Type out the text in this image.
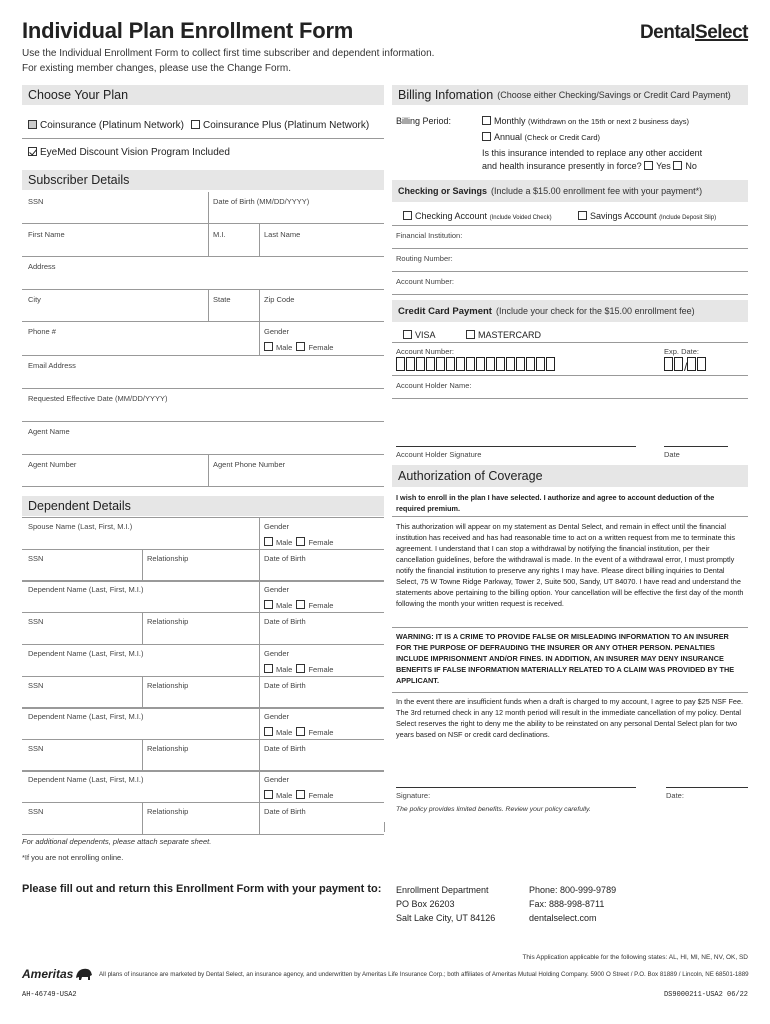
Individual Plan Enrollment Form	DentalSelect
Use the Individual Enrollment Form to collect first time subscriber and dependent information.
For existing member changes, please use the Change Form.
Choose Your Plan
Coinsurance (Platinum Network)	Coinsurance Plus (Platinum Network)
EyeMed Discount Vision Program Included
Subscriber Details
SSN	Date of Birth (MM/DD/YYYY)
First Name	M.I.	Last Name
Address
City	State	Zip Code
Phone #	Gender
Male Female
Email Address
Requested Effective Date (MM/DD/YYYY)
Agent Name
Agent Number	Agent Phone Number
Dependent Details
Spouse Name (Last, First, M.I.)	Gender
Male Female
SSN	Relationship	Date of Birth
Dependent Name (Last, First, M.I.)	Gender
Male Female
SSN	Relationship	Date of Birth
Dependent Name (Last, First, M.I.)	Gender
Male Female
SSN	Relationship	Date of Birth
Dependent Name (Last, First, M.I.)	Gender
Male Female
SSN	Relationship	Date of Birth
Dependent Name (Last, First, M.I.)	Gender
Male Female
SSN	Relationship	Date of Birth
For additional dependents, please attach separate sheet.
*If you are not enrolling online.
Billing Infomation (Choose either Checking/Savings or Credit Card Payment)
Billing Period:	Monthly (Withdrawn on the 15th or next 2 business days)
Annual (Check or Credit Card)
Is this insurance intended to replace any other accident
and health insurance presently in force? Yes No
Checking or Savings (Include a $15.00 enrollment fee with your payment*)
Checking Account (Include Voided Check)	Savings Account (Include Deposit Slip)
Financial Institution:
Routing Number:
Account Number:
Credit Card Payment (Include your check for the $15.00 enrollment fee)
VISA	MASTERCARD
Account Number:	Exp. Date:
/
Account Holder Name:
Account Holder Signature	Date
Authorization of Coverage
I wish to enroll in the plan I have selected. I authorize and agree to account deduction of the required premium.
This authorization will appear on my statement as Dental Select, and remain in effect until the financial institution has received and has had reasonable time to act on a written request from me to terminate this agreement. I understand that I can stop a withdrawal by notifying the financial institution, per their cancellation guidelines, before the withdrawal is made. In the event of a withdrawal error, I must promptly notify the financial institution to preserve any rights I may have. Please direct billing inquiries to Dental Select, 75 W Towne Ridge Parkway, Tower 2, Suite 500, Sandy, UT 84070. I have read and understand the statements above pertaining to the billing option. Your cancellation will be effective the first day of the month following the month your written request is received.
WARNING: IT IS A CRIME TO PROVIDE FALSE OR MISLEADING INFORMATION TO AN INSURER FOR THE PURPOSE OF DEFRAUDING THE INSURER OR ANY OTHER PERSON. PENALTIES INCLUDE IMPRISONMENT AND/OR FINES. IN ADDITION, AN INSURER MAY DENY INSURANCE BENEFITS IF FALSE INFORMATION MATERIALLY RELATED TO A CLAIM WAS PROVIDED BY THE APPLICANT.
In the event there are insufficient funds when a draft is charged to my account, I agree to pay $25 NSF Fee. The 3rd returned check in any 12 month period will result in the immediate cancellation of my policy. Dental Select reserves the right to deny me the ability to be reinstated on any personal Dental Select plan for two years based on NSF or credit card declinations.
Signature:	Date:
The policy provides limited benefits. Review your policy carefully.
Please fill out and return this Enrollment Form with your payment to: Enrollment Department
PO Box 26203
Salt Lake City, UT 84126
Phone: 800-999-9789
Fax: 888-998-8711
dentalselect.com
This Application applicable for the following states: AL, HI, MI, NE, NV, OK, SD
Ameritas	All plans of insurance are marketed by Dental Select, an insurance agency, and underwritten by Ameritas Life Insurance Corp.; both affiliates of Ameritas Mutual Holding Company. 5900 O Street / P.O. Box 81889 / Lincoln, NE 68501-1889
AH-46749-USA2	DS9000211-USA2 06/22
